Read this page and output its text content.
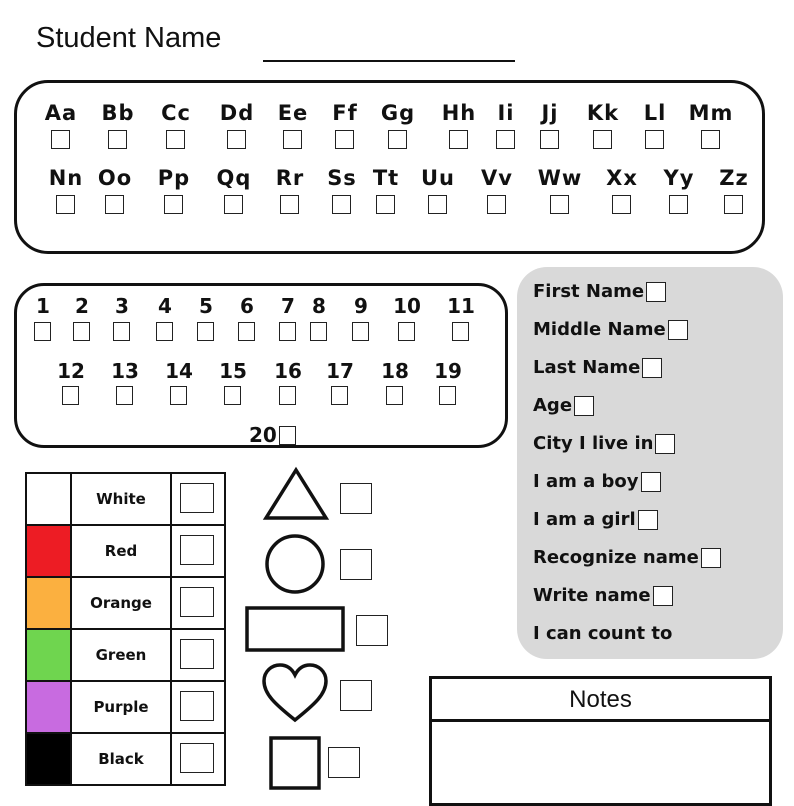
Student Name
Aa	Bb	Cc	Dd	Ee	Ff	Gg	Hh	Ii	Jj	Kk	Ll	Mm
Nn Oo	Pp	Qq	Rr	Ss Tt	Uu	Vv	Ww	Xx	Yy	Zz
1	2	3	4	5	6	7 8	9	10	11
12	13	14	15	16	17	18	19
20
First Name
Middle Name
Last Name
Age
City I live in
I am a boy
I am a girl
Recognize name
Write name
I can count to
	White	

	Red	

	Orange	

	Green	

	Purple	

	Black	
Notes
